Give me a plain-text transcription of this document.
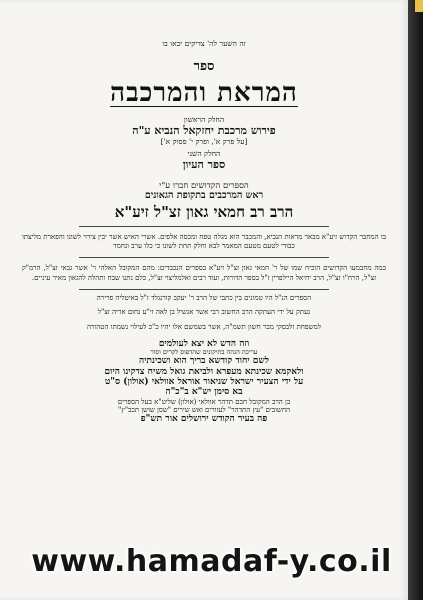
זה השער לה' צדיקים יבאו בו

ספר

המראת והמרכבה

החלק הראשון

פירוש מרכבת יחזקאל הנביא ע"ה

[על פרק א', ופרק י' פסוק א']

החלק השני

ספר העיון

הספרים הקדושים חברו ע"י

ראש המרכבים בתקופת הגאונים

הרב רב חמאי גאון זצ"ל זיע"א

בו המחבר הקדוש זיע"א מבאר מראות הנביא, והמכבר הוא מגלה טפח ומכסה אלפים. אשרי האיש אשר יבין צירוי לשונו והפארת מליצתו כבודי לטעם מטעם המאמר לבא וחלק תחת לשונו כי כלו ערב ונחמד

כמה מחבמעו הקדושים הוכיח שמו של ר' חמאי גאון זצ"ל זיע"א בספרים הנכבדים: מהם המקובל האלהי ר' אשר גבאי זצ"ל, הרמ"ק זצ"ל, הרח"ו זצ"ל, הרב יחיאל היילפרין ז"ל בספר הדורות, ועוד רבים ואלמליצוי זצ"ל, כלם נתנו שבח ותהלה להגאון מאיר עיניים.

הספרים הנ"ל היו טמונים בין כתבי של הרב ר' יעקב קורנגלד ז"ל באיטליה פרירה

נעתק על ידי העתקה הרב החשוב רבי אשר אנשיל בן לאה זי"ע נחום אריה זצ"ל

למשפחת זלבסקי מבר חשון תשמ"ה, אשר בשמשם אלו יהיו כ"כ לעילוי נשמתו הטהורה

וזה הדש לא יצא לעולמים

עריכה הגהה בתיקונים שהדפוס לקרים וסור

לשם יחוד קודשא בריך הוא ושכינתיה

ולאקמא שכינתא מעפרא ולביאת גואל משיח צדקינו היום

על ידי הצעיר ישראל שניאור אוראל אוולאי (אולון) ס"ט

בא סימן יש"א ב"כ"ה

בן הרב המקובל חכם תדהר אוולאי (אולון) שליט"א בעל הספרים

החשובים "עץ התדהר" לעזורים ואש שירים "שסן שושן תכב"ץ"

פה בעיר הקודש ירושלים אור תש"פ

www.hamadaf-y.co.il
